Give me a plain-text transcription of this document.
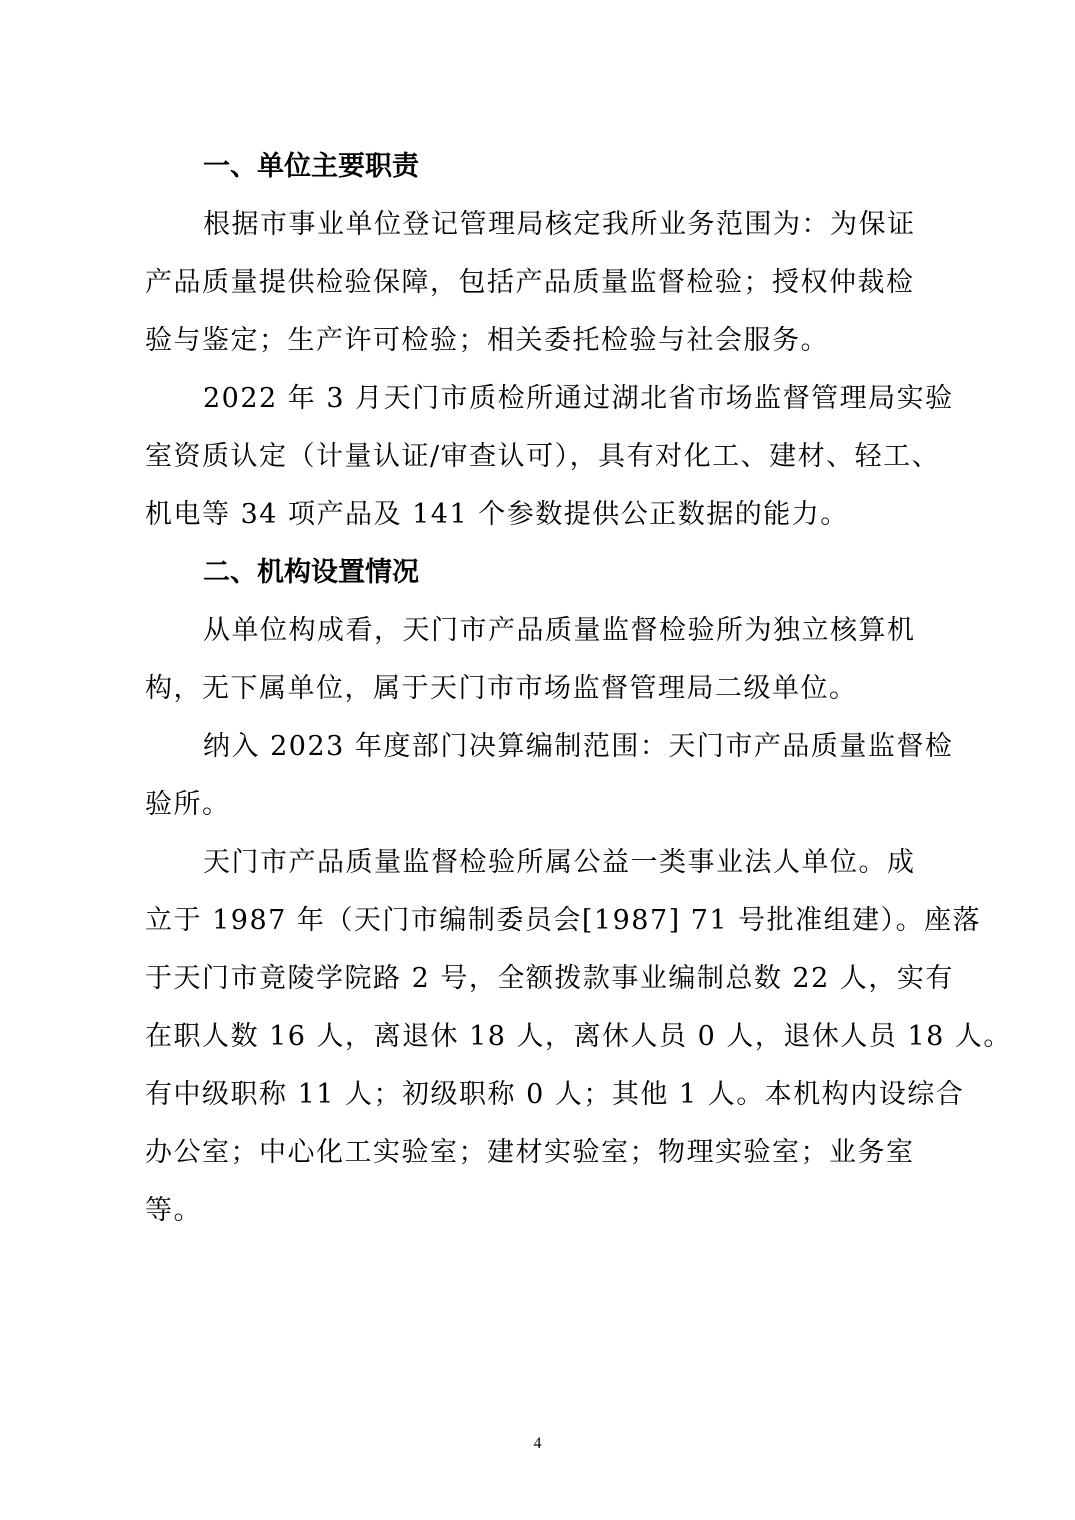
一、单位主要职责
根据市事业单位登记管理局核定我所业务范围为：为保证
产品质量提供检验保障，包括产品质量监督检验；授权仲裁检
验与鉴定；生产许可检验；相关委托检验与社会服务。
2022 年 3 月天门市质检所通过湖北省市场监督管理局实验
室资质认定（计量认证/审查认可），具有对化工、建材、轻工、
机电等 34 项产品及 141 个参数提供公正数据的能力。
二、机构设置情况
从单位构成看，天门市产品质量监督检验所为独立核算机
构，无下属单位，属于天门市市场监督管理局二级单位。
纳入 2023 年度部门决算编制范围：天门市产品质量监督检
验所。
天门市产品质量监督检验所属公益一类事业法人单位。成
立于 1987 年（天门市编制委员会[1987] 71 号批准组建）。座落
于天门市竟陵学院路 2 号，全额拨款事业编制总数 22 人，实有
在职人数 16 人，离退休 18 人，离休人员 0 人，退休人员 18 人。
有中级职称 11 人；初级职称 0 人；其他 1 人。本机构内设综合
办公室；中心化工实验室；建材实验室；物理实验室；业务室
等。
4
